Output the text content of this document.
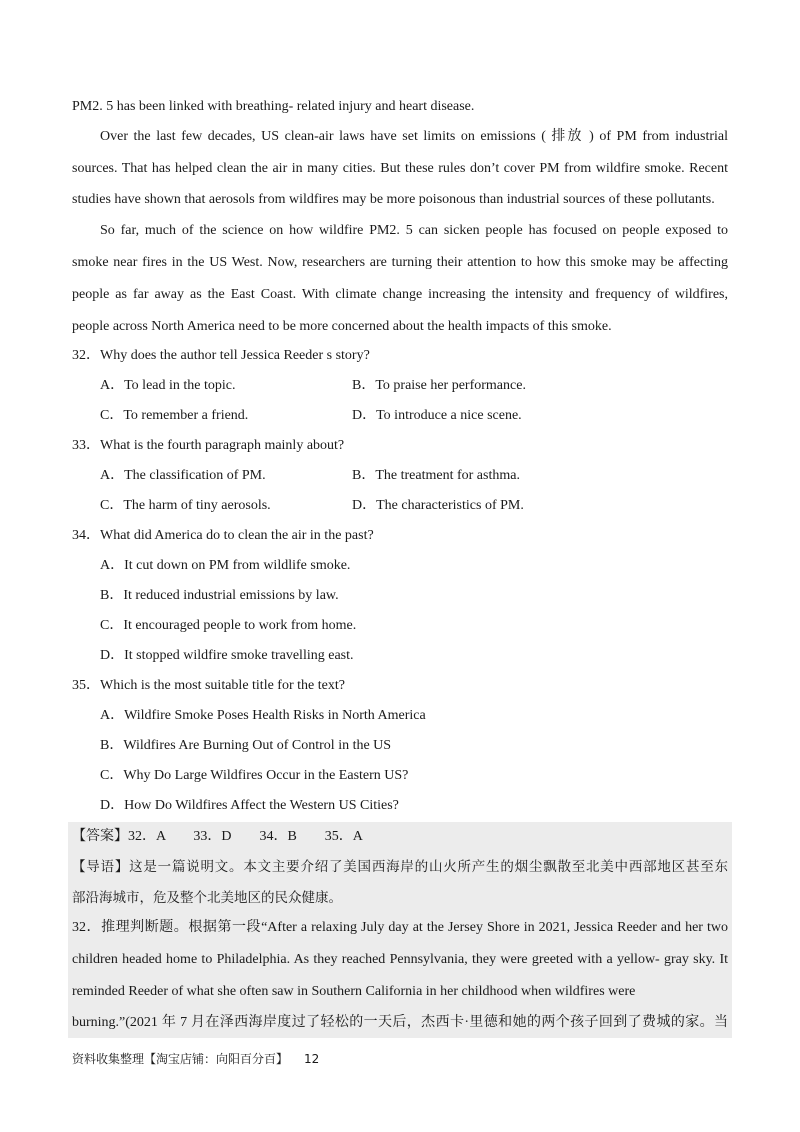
PM2. 5 has been linked with breathing- related injury and heart disease.
Over the last few decades, US clean-air laws have set limits on emissions ( 排放 ) of PM from industrial
sources. That has helped clean the air in many cities. But these rules don’t cover PM from wildfire smoke. Recent
studies have shown that aerosols from wildfires may be more poisonous than industrial sources of these pollutants.
So far, much of the science on how wildfire PM2. 5 can sicken people has focused on people exposed to
smoke near fires in the US West. Now, researchers are turning their attention to how this smoke may be affecting
people as far away as the East Coast. With climate change increasing the intensity and frequency of wildfires,
people across North America need to be more concerned about the health impacts of this smoke.
32．Why does the author tell Jessica Reeder s story?
A．To lead in the topic.	B．To praise her performance.
C．To remember a friend.	D．To introduce a nice scene.
33．What is the fourth paragraph mainly about?
A．The classification of PM.	B．The treatment for asthma.
C．The harm of tiny aerosols.	D．The characteristics of PM.
34．What did America do to clean the air in the past?
A．It cut down on PM from wildlife smoke.
B．It reduced industrial emissions by law.
C．It encouraged people to work from home.
D．It stopped wildfire smoke travelling east.
35．Which is the most suitable title for the text?
A．Wildfire Smoke Poses Health Risks in North America
B．Wildfires Are Burning Out of Control in the US
C．Why Do Large Wildfires Occur in the Eastern US?
D．How Do Wildfires Affect the Western US Cities?
【答案】32．A　　33．D　　34．B　　35．A
【导语】这是一篇说明文。本文主要介绍了美国西海岸的山火所产生的烟尘飘散至北美中西部地区甚至东
部沿海城市，危及整个北美地区的民众健康。
32．推理判断题。根据第一段“After a relaxing July day at the Jersey Shore in 2021, Jessica Reeder and her two
children headed home to Philadelphia. As they reached Pennsylvania, they were greeted with a yellow- gray sky. It
reminded Reeder of what she often saw in Southern California in her childhood when wildfires were
burning.”(2021 年 7 月在泽西海岸度过了轻松的一天后，杰西卡·里德和她的两个孩子回到了费城的家。当
资料收集整理【淘宝店铺：向阳百分百】 12
